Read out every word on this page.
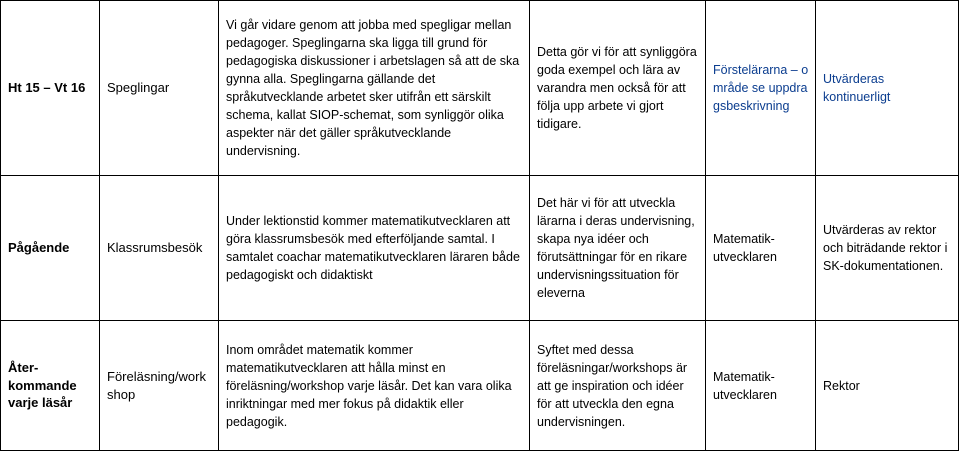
Ht 15 – Vt 16 Speglingar
Vi går vidare genom att jobba med spegligar mellan pedagoger. Speglingarna ska ligga till grund för pedagogiska diskussioner i arbetslagen så att de ska gynna alla. Speglingarna gällande det språkutvecklande arbetet sker utifrån ett särskilt schema, kallat SIOP-schemat, som synliggör olika aspekter när det gäller språkutvecklande undervisning.
Detta gör vi för att synliggöra goda exempel och lära av varandra men också för att följa upp arbete vi gjort tidigare.
Förstelärarna – område se uppdragsbeskrivning
Utvärderas kontinuerligt
Pågående	Klassrumsbesök
Under lektionstid kommer matematikutvecklaren att göra klassrumsbesök med efterföljande samtal. I samtalet coachar matematikutvecklaren läraren både pedagogiskt och didaktiskt
Det här vi för att utveckla lärarna i deras undervisning, skapa nya idéer och förutsättningar för en rikare undervisningssituation för eleverna
Matematik-utvecklaren
Utvärderas av rektor och biträdande rektor i SK-dokumentationen.
Åter-kommande varje läsår
Föreläsning/workshop
Inom området matematik kommer matematikutvecklaren att hålla minst en föreläsning/workshop varje läsår. Det kan vara olika inriktningar med mer fokus på didaktik eller pedagogik.
Syftet med dessa föreläsningar/workshops är att ge inspiration och idéer för att utveckla den egna undervisningen.
Matematik-utvecklaren
Rektor
